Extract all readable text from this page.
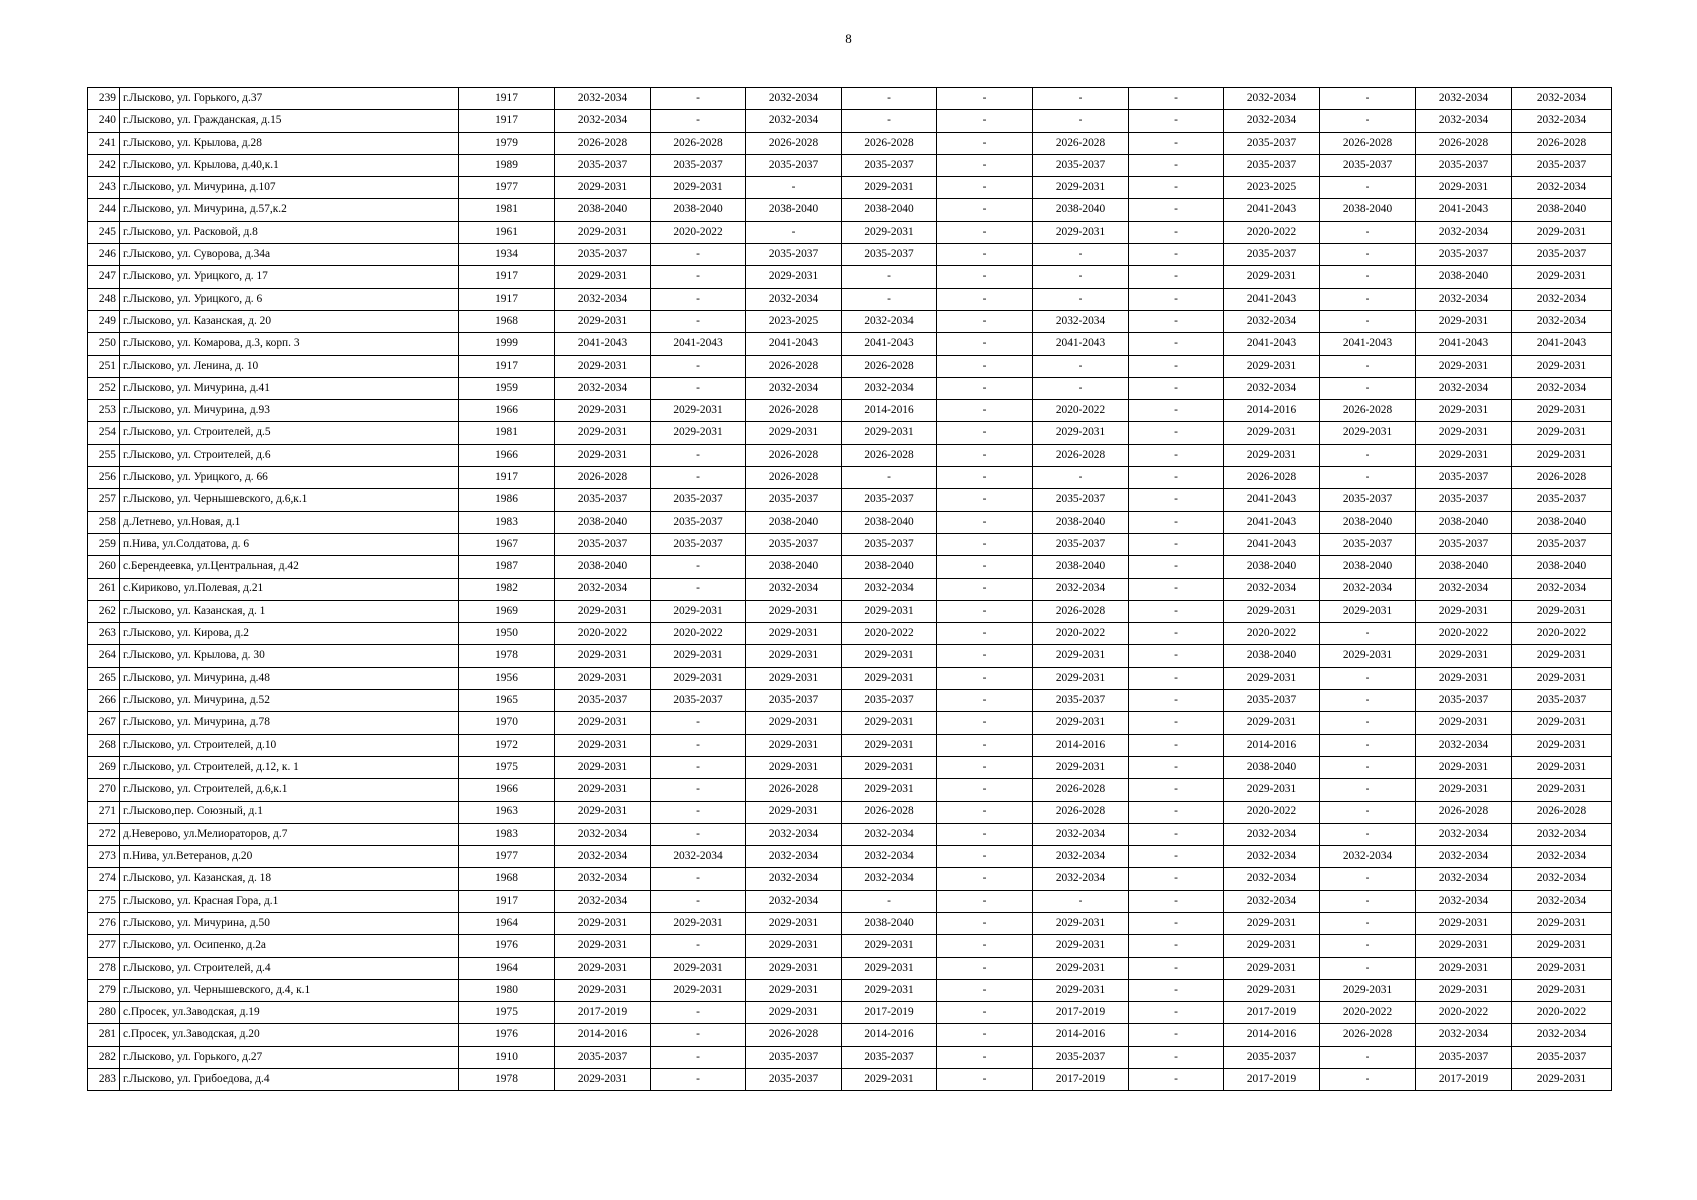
8
239	г.Лысково, ул. Горького, д.37	1917	2032-2034	-	2032-2034	-	-	-	-	2032-2034	-	2032-2034	2032-2034
240	г.Лысково, ул. Гражданская, д.15	1917	2032-2034	-	2032-2034	-	-	-	-	2032-2034	-	2032-2034	2032-2034
241	г.Лысково, ул. Крылова, д.28	1979	2026-2028	2026-2028	2026-2028	2026-2028	-	2026-2028	-	2035-2037	2026-2028	2026-2028	2026-2028
242	г.Лысково, ул. Крылова, д.40,к.1	1989	2035-2037	2035-2037	2035-2037	2035-2037	-	2035-2037	-	2035-2037	2035-2037	2035-2037	2035-2037
243	г.Лысково, ул. Мичурина, д.107	1977	2029-2031	2029-2031	-	2029-2031	-	2029-2031	-	2023-2025	-	2029-2031	2032-2034
244	г.Лысково, ул. Мичурина, д.57,к.2	1981	2038-2040	2038-2040	2038-2040	2038-2040	-	2038-2040	-	2041-2043	2038-2040	2041-2043	2038-2040
245	г.Лысково, ул. Расковой, д.8	1961	2029-2031	2020-2022	-	2029-2031	-	2029-2031	-	2020-2022	-	2032-2034	2029-2031
246	г.Лысково, ул. Суворова, д.34а	1934	2035-2037	-	2035-2037	2035-2037	-	-	-	2035-2037	-	2035-2037	2035-2037
247	г.Лысково, ул. Урицкого, д. 17	1917	2029-2031	-	2029-2031	-	-	-	-	2029-2031	-	2038-2040	2029-2031
248	г.Лысково, ул. Урицкого, д. 6	1917	2032-2034	-	2032-2034	-	-	-	-	2041-2043	-	2032-2034	2032-2034
249	г.Лысково, ул. Казанская, д. 20	1968	2029-2031	-	2023-2025	2032-2034	-	2032-2034	-	2032-2034	-	2029-2031	2032-2034
250	г.Лысково, ул. Комарова, д.3, корп. 3	1999	2041-2043	2041-2043	2041-2043	2041-2043	-	2041-2043	-	2041-2043	2041-2043	2041-2043	2041-2043
251	г.Лысково, ул. Ленина, д. 10	1917	2029-2031	-	2026-2028	2026-2028	-	-	-	2029-2031	-	2029-2031	2029-2031
252	г.Лысково, ул. Мичурина, д.41	1959	2032-2034	-	2032-2034	2032-2034	-	-	-	2032-2034	-	2032-2034	2032-2034
253	г.Лысково, ул. Мичурина, д.93	1966	2029-2031	2029-2031	2026-2028	2014-2016	-	2020-2022	-	2014-2016	2026-2028	2029-2031	2029-2031
254	г.Лысково, ул. Строителей, д.5	1981	2029-2031	2029-2031	2029-2031	2029-2031	-	2029-2031	-	2029-2031	2029-2031	2029-2031	2029-2031
255	г.Лысково, ул. Строителей, д.6	1966	2029-2031	-	2026-2028	2026-2028	-	2026-2028	-	2029-2031	-	2029-2031	2029-2031
256	г.Лысково, ул. Урицкого, д. 66	1917	2026-2028	-	2026-2028	-	-	-	-	2026-2028	-	2035-2037	2026-2028
257	г.Лысково, ул. Чернышевского, д.6,к.1	1986	2035-2037	2035-2037	2035-2037	2035-2037	-	2035-2037	-	2041-2043	2035-2037	2035-2037	2035-2037
258	д.Летнево, ул.Новая, д.1	1983	2038-2040	2035-2037	2038-2040	2038-2040	-	2038-2040	-	2041-2043	2038-2040	2038-2040	2038-2040
259	п.Нива, ул.Солдатова, д. 6	1967	2035-2037	2035-2037	2035-2037	2035-2037	-	2035-2037	-	2041-2043	2035-2037	2035-2037	2035-2037
260	с.Берендеевка, ул.Центральная, д.42	1987	2038-2040	-	2038-2040	2038-2040	-	2038-2040	-	2038-2040	2038-2040	2038-2040	2038-2040
261	с.Кириково, ул.Полевая, д.21	1982	2032-2034	-	2032-2034	2032-2034	-	2032-2034	-	2032-2034	2032-2034	2032-2034	2032-2034
262	г.Лысково, ул. Казанская, д. 1	1969	2029-2031	2029-2031	2029-2031	2029-2031	-	2026-2028	-	2029-2031	2029-2031	2029-2031	2029-2031
263	г.Лысково, ул. Кирова, д.2	1950	2020-2022	2020-2022	2029-2031	2020-2022	-	2020-2022	-	2020-2022	-	2020-2022	2020-2022
264	г.Лысково, ул. Крылова, д. 30	1978	2029-2031	2029-2031	2029-2031	2029-2031	-	2029-2031	-	2038-2040	2029-2031	2029-2031	2029-2031
265	г.Лысково, ул. Мичурина, д.48	1956	2029-2031	2029-2031	2029-2031	2029-2031	-	2029-2031	-	2029-2031	-	2029-2031	2029-2031
266	г.Лысково, ул. Мичурина, д.52	1965	2035-2037	2035-2037	2035-2037	2035-2037	-	2035-2037	-	2035-2037	-	2035-2037	2035-2037
267	г.Лысково, ул. Мичурина, д.78	1970	2029-2031	-	2029-2031	2029-2031	-	2029-2031	-	2029-2031	-	2029-2031	2029-2031
268	г.Лысково, ул. Строителей, д.10	1972	2029-2031	-	2029-2031	2029-2031	-	2014-2016	-	2014-2016	-	2032-2034	2029-2031
269	г.Лысково, ул. Строителей, д.12, к. 1	1975	2029-2031	-	2029-2031	2029-2031	-	2029-2031	-	2038-2040	-	2029-2031	2029-2031
270	г.Лысково, ул. Строителей, д.6,к.1	1966	2029-2031	-	2026-2028	2029-2031	-	2026-2028	-	2029-2031	-	2029-2031	2029-2031
271	г.Лысково,пер. Союзный, д.1	1963	2029-2031	-	2029-2031	2026-2028	-	2026-2028	-	2020-2022	-	2026-2028	2026-2028
272	д.Неверово, ул.Мелиораторов, д.7	1983	2032-2034	-	2032-2034	2032-2034	-	2032-2034	-	2032-2034	-	2032-2034	2032-2034
273	п.Нива, ул.Ветеранов, д.20	1977	2032-2034	2032-2034	2032-2034	2032-2034	-	2032-2034	-	2032-2034	2032-2034	2032-2034	2032-2034
274	г.Лысково, ул. Казанская, д. 18	1968	2032-2034	-	2032-2034	2032-2034	-	2032-2034	-	2032-2034	-	2032-2034	2032-2034
275	г.Лысково, ул. Красная Гора, д.1	1917	2032-2034	-	2032-2034	-	-	-	-	2032-2034	-	2032-2034	2032-2034
276	г.Лысково, ул. Мичурина, д.50	1964	2029-2031	2029-2031	2029-2031	2038-2040	-	2029-2031	-	2029-2031	-	2029-2031	2029-2031
277	г.Лысково, ул. Осипенко, д.2а	1976	2029-2031	-	2029-2031	2029-2031	-	2029-2031	-	2029-2031	-	2029-2031	2029-2031
278	г.Лысково, ул. Строителей, д.4	1964	2029-2031	2029-2031	2029-2031	2029-2031	-	2029-2031	-	2029-2031	-	2029-2031	2029-2031
279	г.Лысково, ул. Чернышевского, д.4, к.1	1980	2029-2031	2029-2031	2029-2031	2029-2031	-	2029-2031	-	2029-2031	2029-2031	2029-2031	2029-2031
280	с.Просек, ул.Заводская, д.19	1975	2017-2019	-	2029-2031	2017-2019	-	2017-2019	-	2017-2019	2020-2022	2020-2022	2020-2022
281	с.Просек, ул.Заводская, д.20	1976	2014-2016	-	2026-2028	2014-2016	-	2014-2016	-	2014-2016	2026-2028	2032-2034	2032-2034
282	г.Лысково, ул. Горького, д.27	1910	2035-2037	-	2035-2037	2035-2037	-	2035-2037	-	2035-2037	-	2035-2037	2035-2037
283	г.Лысково, ул. Грибоедова, д.4	1978	2029-2031	-	2035-2037	2029-2031	-	2017-2019	-	2017-2019	-	2017-2019	2029-2031
